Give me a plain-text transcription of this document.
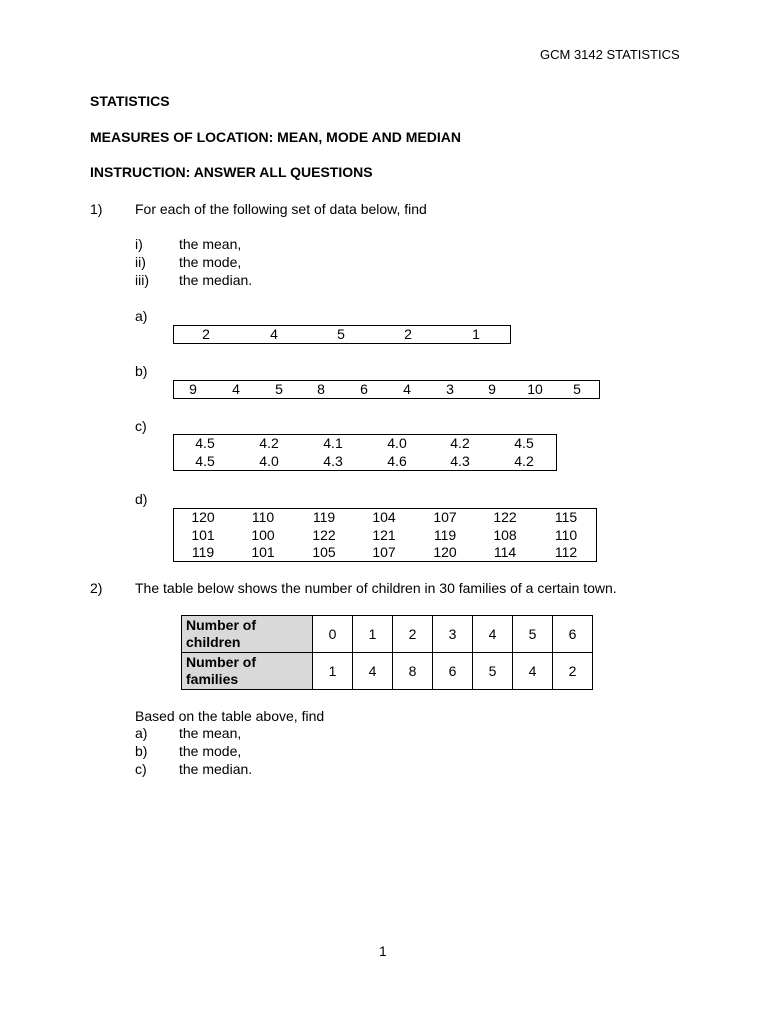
GCM 3142 STATISTICS
STATISTICS
MEASURES OF LOCATION: MEAN, MODE AND MEDIAN
INSTRUCTION: ANSWER ALL QUESTIONS
1) For each of the following set of data below, find
i)	the mean,
ii) the mode,
iii) the median.
a)
2	4	5	2	1
b)
9	4	5	8	6	4	3	9	10	5
c)
4.5	4.2	4.1	4.0	4.2	4.5
4.5	4.0	4.3	4.6	4.3	4.2
d)
120	110	119	104	107	122	115
101	100	122	121	119	108	110
119	101	105	107	120	114	112
2) The table below shows the number of children in 30 families of a certain town.
Number of
children	0	1	2	3	4	5	6
Number of
families	1	4	8	6	5	4	2
Based on the table above, find
a) the mean,
b) the mode,
c) the median.
1
